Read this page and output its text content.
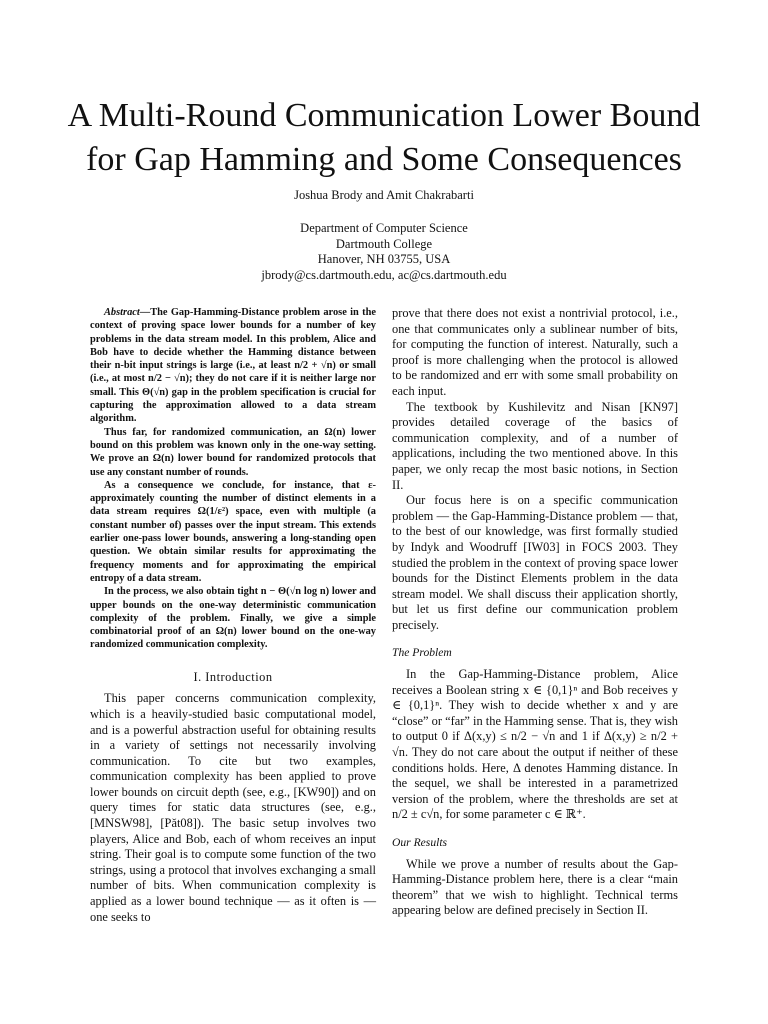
A Multi-Round Communication Lower Bound
for Gap Hamming and Some Consequences
Joshua Brody and Amit Chakrabarti
Department of Computer Science
Dartmouth College
Hanover, NH 03755, USA
jbrody@cs.dartmouth.edu, ac@cs.dartmouth.edu

Abstract—The Gap-Hamming-Distance problem arose in the context of proving space lower bounds for a number of key problems in the data stream model. In this problem, Alice and Bob have to decide whether the Hamming distance between their n-bit input strings is large (i.e., at least n/2 + √n) or small (i.e., at most n/2 − √n); they do not care if it is neither large nor small. This Θ(√n) gap in the problem specification is crucial for capturing the approximation allowed to a data stream algorithm.

Thus far, for randomized communication, an Ω(n) lower bound on this problem was known only in the one-way setting. We prove an Ω(n) lower bound for randomized protocols that use any constant number of rounds.

As a consequence we conclude, for instance, that ε-approximately counting the number of distinct elements in a data stream requires Ω(1/ε²) space, even with multiple (a constant number of) passes over the input stream. This extends earlier one-pass lower bounds, answering a long-standing open question. We obtain similar results for approximating the frequency moments and for approximating the empirical entropy of a data stream.

In the process, we also obtain tight n − Θ(√n log n) lower and upper bounds on the one-way deterministic communication complexity of the problem. Finally, we give a simple combinatorial proof of an Ω(n) lower bound on the one-way randomized communication complexity.

I. Introduction

This paper concerns communication complexity, which is a heavily-studied basic computational model, and is a powerful abstraction useful for obtaining results in a variety of settings not necessarily involving communication. To cite but two examples, communication complexity has been applied to prove lower bounds on circuit depth (see, e.g., [KW90]) and on query times for static data structures (see, e.g., [MNSW98], [Pǎt08]). The basic setup involves two players, Alice and Bob, each of whom receives an input string. Their goal is to compute some function of the two strings, using a protocol that involves exchanging a small number of bits. When communication complexity is applied as a lower bound technique — as it often is — one seeks to

prove that there does not exist a nontrivial protocol, i.e., one that communicates only a sublinear number of bits, for computing the function of interest. Naturally, such a proof is more challenging when the protocol is allowed to be randomized and err with some small probability on each input.

The textbook by Kushilevitz and Nisan [KN97] provides detailed coverage of the basics of communication complexity, and of a number of applications, including the two mentioned above. In this paper, we only recap the most basic notions, in Section II.

Our focus here is on a specific communication problem — the Gap-Hamming-Distance problem — that, to the best of our knowledge, was first formally studied by Indyk and Woodruff [IW03] in FOCS 2003. They studied the problem in the context of proving space lower bounds for the Distinct Elements problem in the data stream model. We shall discuss their application shortly, but let us first define our communication problem precisely.

The Problem

In the Gap-Hamming-Distance problem, Alice receives a Boolean string x ∈ {0,1}ⁿ and Bob receives y ∈ {0,1}ⁿ. They wish to decide whether x and y are “close” or “far” in the Hamming sense. That is, they wish to output 0 if Δ(x,y) ≤ n/2 − √n and 1 if Δ(x,y) ≥ n/2 + √n. They do not care about the output if neither of these conditions holds. Here, Δ denotes Hamming distance. In the sequel, we shall be interested in a parametrized version of the problem, where the thresholds are set at n/2 ± c√n, for some parameter c ∈ ℝ⁺.

Our Results

While we prove a number of results about the Gap-Hamming-Distance problem here, there is a clear “main theorem” that we wish to highlight. Technical terms appearing below are defined precisely in Section II.
